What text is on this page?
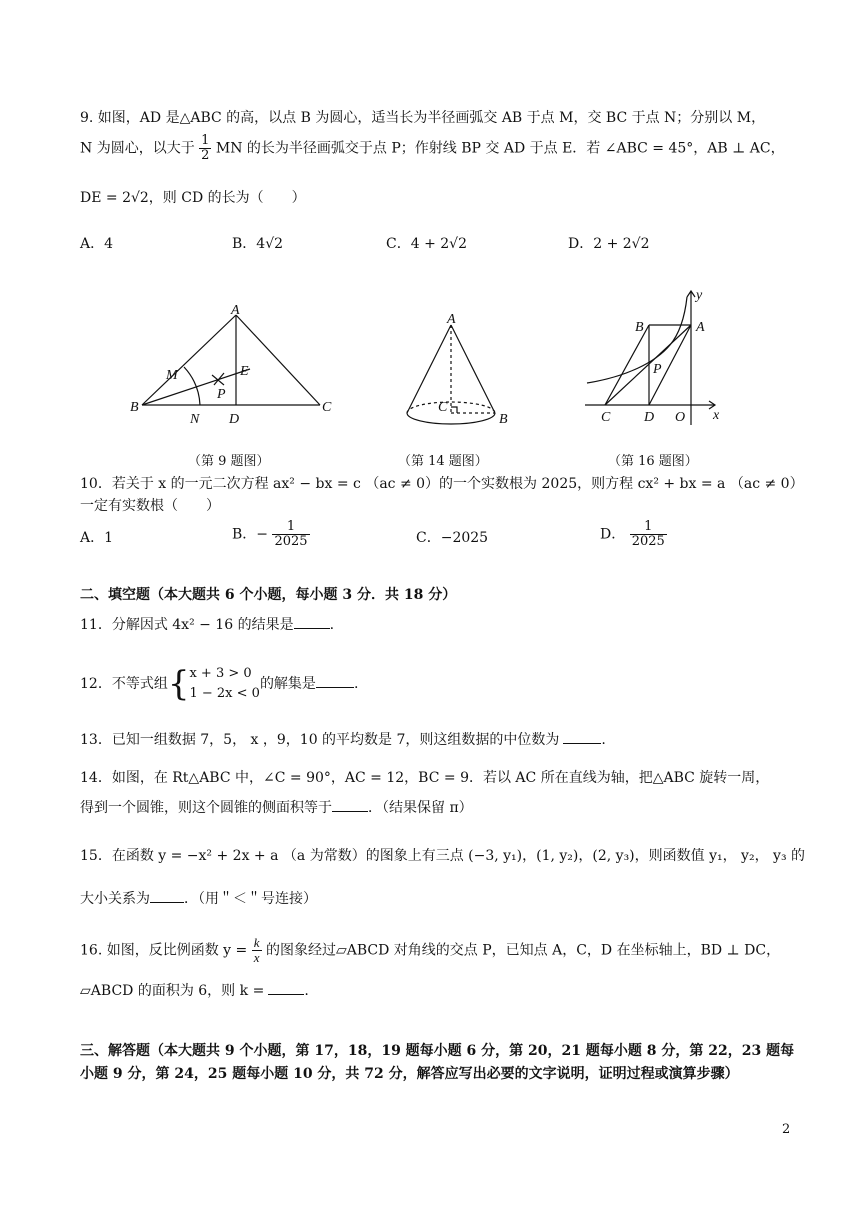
9. 如图，AD 是△ABC 的高，以点 B 为圆心，适当长为半径画弧交 AB 于点 M，交 BC 于点 N；分别以 M，
N 为圆心，以大于 $\frac{1}{2}$ MN 的长为半径画弧交于点 P；作射线 BP 交 AD 于点 E．若 ∠ABC = 45°，AB ⊥ AC，
DE = 2√2，则 CD 的长为（　　）
A．4	B．4√2	C．4 + 2√2	D．2 + 2√2
A
B	C
D
E
M
N
P
（第 9 题图）
A
B
C
（第 14 题图）
B	A
P
C D O x
y
（第 16 题图）
10．若关于 x 的一元二次方程 ax² − bx = c （ac ≠ 0）的一个实数根为 2025，则方程 cx² + bx = a （ac ≠ 0）
一定有实数根（　　）
A．1	B．− $\frac{1}{2025}$	C．−2025	D． $\frac{1}{2025}$
二、填空题（本大题共 6 个小题，每小题 3 分．共 18 分）
11．分解因式 4x² − 16 的结果是	.
12．不等式组{ x + 3 > 0
1 − 2x < 0
的解集是	.
13．已知一组数据 7，5， x ，9，10 的平均数是 7，则这组数据的中位数为	.
14．如图，在 Rt△ABC 中，∠C = 90°，AC = 12，BC = 9．若以 AC 所在直线为轴，把△ABC 旋转一周，
得到一个圆锥，则这个圆锥的侧面积等于	．（结果保留 π）
15．在函数 y = −x² + 2x + a （a 为常数）的图象上有三点 (−3, y₁)，(1, y₂)，(2, y₃)，则函数值 y₁， y₂， y₃ 的
大小关系为 ．（用＂＜＂号连接）
16. 如图，反比例函数 $y = \frac{k}{x}$ 的图象经过▱ABCD 对角线的交点 P，已知点 A，C，D 在坐标轴上，BD ⊥ DC，
▱ABCD 的面积为 6，则 k =	.
三、解答题（本大题共 9 个小题，第 17，18，19 题每小题 6 分，第 20，21 题每小题 8 分，第 22，23 题每
小题 9 分，第 24，25 题每小题 10 分，共 72 分，解答应写出必要的文字说明，证明过程或演算步骤）
2
